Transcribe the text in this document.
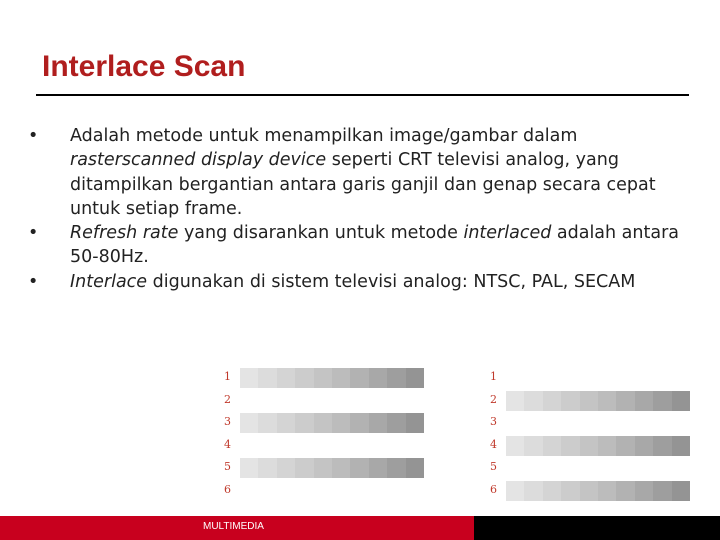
Interlace Scan
• Adalah metode untuk menampilkan image/gambar dalam rasterscanned display device seperti CRT televisi analog, yang ditampilkan bergantian antara garis ganjil dan genap secara cepat untuk setiap frame.
• Refresh rate yang disarankan untuk metode interlaced adalah antara 50-80Hz.
• Interlace digunakan di sistem televisi analog: NTSC, PAL, SECAM
1
2
3
4
5
6
1
2
3
4
5
6
MULTIMEDIA
